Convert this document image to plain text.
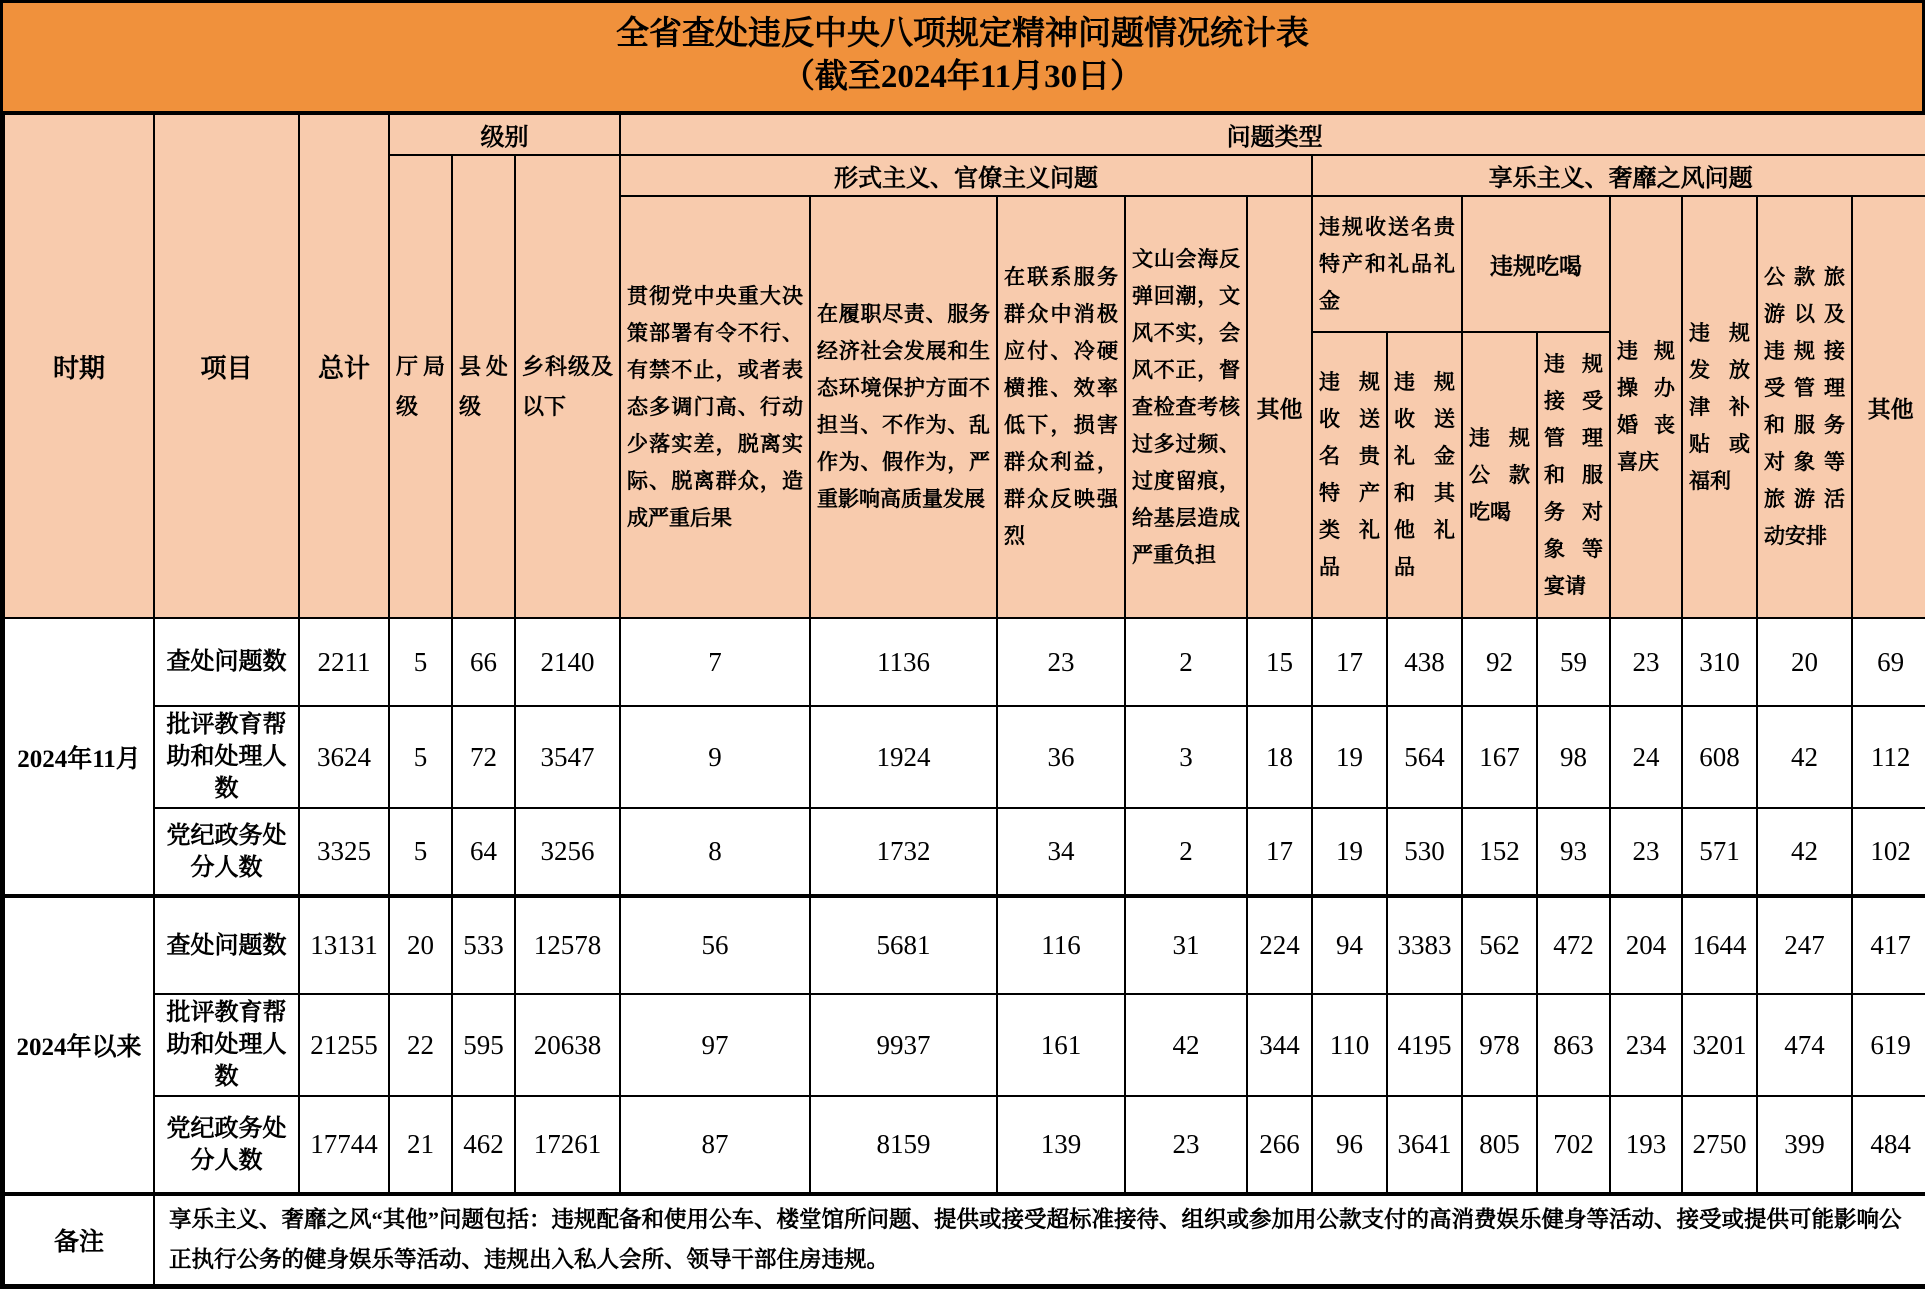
全省查处违反中央八项规定精神问题情况统计表
（截至2024年11月30日）
时期	项目	总计	级别			问题类型												
			厅局级	县处级	乡科级及以下	形式主义、官僚主义问题					享乐主义、奢靡之风问题							
						贯彻党中央重大决策部署有令不行、有禁不止，或者表态多调门高、行动少落实差，脱离实际、脱离群众，造成严重后果	在履职尽责、服务经济社会发展和生态环境保护方面不担当、不作为、乱作为、假作为，严重影响高质量发展	在联系服务群众中消极应付、冷硬横推、效率低下，损害群众利益，群众反映强烈	文山会海反弹回潮，文风不实，会风不正，督查检查考核过多过频、过度留痕，给基层造成严重负担	其他	违规收送名贵特产和礼品礼金		违规吃喝		违规操办婚丧喜庆	违规发放津补贴或福利	公款旅游以及违规接受管理和服务对象等旅游活动安排	其他
											违规收送名贵特产类礼品	违规收送礼金和其他礼品	违规公款吃喝	违规接受管理和服务对象等宴请				
2024年11月	查处问题数	2211	5	66	2140	7	1136	23	2	15	17	438	92	59	23	310	20	69
	批评教育帮助和处理人数	3624	5	72	3547	9	1924	36	3	18	19	564	167	98	24	608	42	112
	党纪政务处分人数	3325	5	64	3256	8	1732	34	2	17	19	530	152	93	23	571	42	102
2024年以来	查处问题数	13131	20	533	12578	56	5681	116	31	224	94	3383	562	472	204	1644	247	417
	批评教育帮助和处理人数	21255	22	595	20638	97	9937	161	42	344	110	4195	978	863	234	3201	474	619
	党纪政务处分人数	17744	21	462	17261	87	8159	139	23	266	96	3641	805	702	193	2750	399	484
备注	享乐主义、奢靡之风“其他”问题包括：违规配备和使用公车、楼堂馆所问题、提供或接受超标准接待、组织或参加用公款支付的高消费娱乐健身等活动、接受或提供可能影响公正执行公务的健身娱乐等活动、违规出入私人会所、领导干部住房违规。																	
